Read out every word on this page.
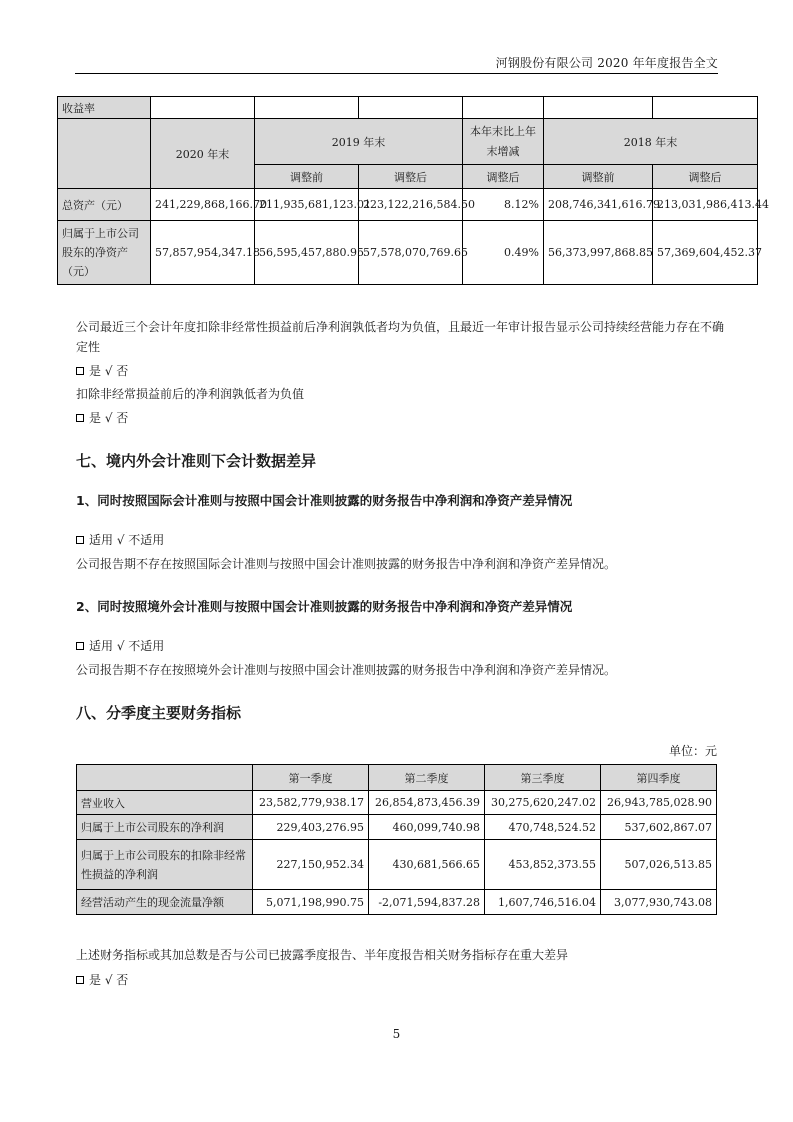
河钢股份有限公司 2020 年年度报告全文
收益率						
	2020 年末	2019 年末		本年末比上年末增减	2018 年末	
		调整前	调整后	调整后	调整前	调整后
总资产（元）	241,229,868,166.70	211,935,681,123.01	223,122,216,584.50	8.12%	208,746,341,616.79	213,031,986,413.44
归属于上市公司股东的净资产（元）	57,857,954,347.18	56,595,457,880.95	57,578,070,769.65	0.49%	56,373,997,868.85	57,369,604,452.37
公司最近三个会计年度扣除非经常性损益前后净利润孰低者均为负值，且最近一年审计报告显示公司持续经营能力存在不确定性
是 √ 否
扣除非经常损益前后的净利润孰低者为负值
是 √ 否
七、境内外会计准则下会计数据差异
1、同时按照国际会计准则与按照中国会计准则披露的财务报告中净利润和净资产差异情况
适用 √ 不适用
公司报告期不存在按照国际会计准则与按照中国会计准则披露的财务报告中净利润和净资产差异情况。
2、同时按照境外会计准则与按照中国会计准则披露的财务报告中净利润和净资产差异情况
适用 √ 不适用
公司报告期不存在按照境外会计准则与按照中国会计准则披露的财务报告中净利润和净资产差异情况。
八、分季度主要财务指标
单位：元
	第一季度	第二季度	第三季度	第四季度
营业收入	23,582,779,938.17	26,854,873,456.39	30,275,620,247.02	26,943,785,028.90
归属于上市公司股东的净利润	229,403,276.95	460,099,740.98	470,748,524.52	537,602,867.07
归属于上市公司股东的扣除非经常性损益的净利润	227,150,952.34	430,681,566.65	453,852,373.55	507,026,513.85
经营活动产生的现金流量净额	5,071,198,990.75	-2,071,594,837.28	1,607,746,516.04	3,077,930,743.08
上述财务指标或其加总数是否与公司已披露季度报告、半年度报告相关财务指标存在重大差异
是 √ 否
5
